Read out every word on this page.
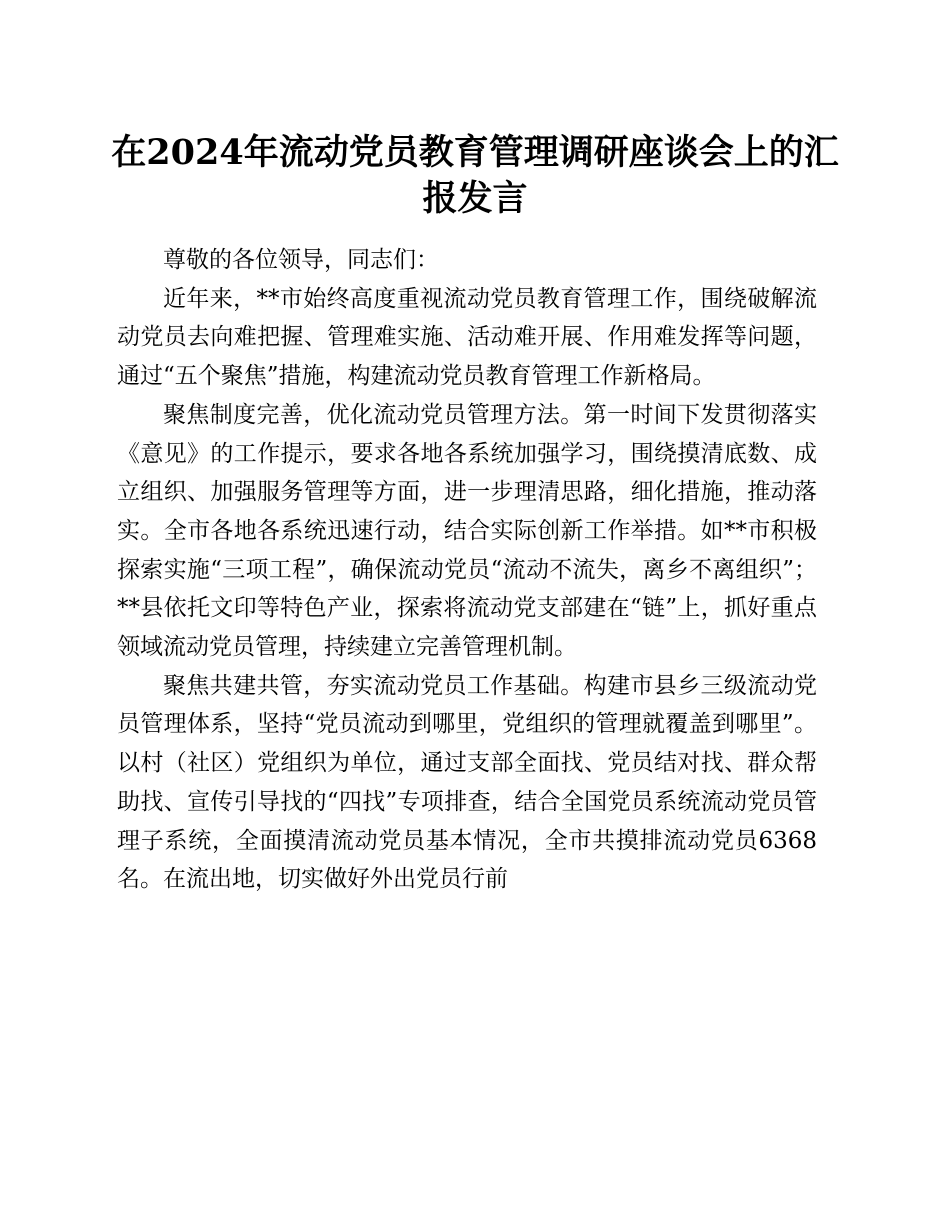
在2024年流动党员教育管理调研座谈会上的汇报发言

尊敬的各位领导，同志们：

近年来，**市始终高度重视流动党员教育管理工作，围绕破解流动党员去向难把握、管理难实施、活动难开展、作用难发挥等问题，通过“五个聚焦”措施，构建流动党员教育管理工作新格局。

聚焦制度完善，优化流动党员管理方法。第一时间下发贯彻落实《意见》的工作提示，要求各地各系统加强学习，围绕摸清底数、成立组织、加强服务管理等方面，进一步理清思路，细化措施，推动落实。全市各地各系统迅速行动，结合实际创新工作举措。如**市积极探索实施“三项工程”，确保流动党员“流动不流失，离乡不离组织”；**县依托文印等特色产业，探索将流动党支部建在“链”上，抓好重点领域流动党员管理，持续建立完善管理机制。

聚焦共建共管，夯实流动党员工作基础。构建市县乡三级流动党员管理体系，坚持“党员流动到哪里，党组织的管理就覆盖到哪里”。以村（社区）党组织为单位，通过支部全面找、党员结对找、群众帮助找、宣传引导找的“四找”专项排查，结合全国党员系统流动党员管理子系统，全面摸清流动党员基本情况，全市共摸排流动党员6368名。在流出地，切实做好外出党员行前
